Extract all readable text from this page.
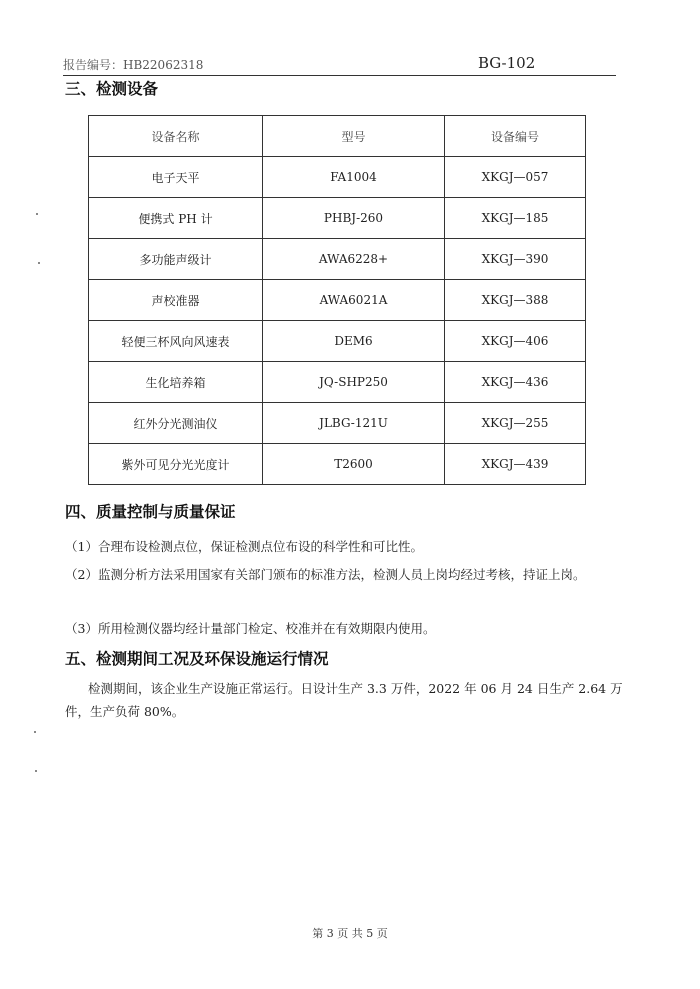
报告编号：HB22062318	BG-102
三、检测设备
设备名称	型号	设备编号
电子天平	FA1004	XKGJ—057
便携式 PH 计	PHBJ-260	XKGJ—185
多功能声级计	AWA6228+	XKGJ—390
声校准器	AWA6021A	XKGJ—388
轻便三杯风向风速表	DEM6	XKGJ—406
生化培养箱	JQ-SHP250	XKGJ—436
红外分光测油仪	JLBG-121U	XKGJ—255
紫外可见分光光度计	T2600	XKGJ—439
四、质量控制与质量保证
（1）合理布设检测点位，保证检测点位布设的科学性和可比性。
（2）监测分析方法采用国家有关部门颁布的标准方法，检测人员上岗均经过考核，持证上岗。
（3）所用检测仪器均经计量部门检定、校准并在有效期限内使用。
五、检测期间工况及环保设施运行情况
检测期间，该企业生产设施正常运行。日设计生产 3.3 万件，2022 年 06 月 24 日生产 2.64 万件，生产负荷 80%。
第 3 页 共 5 页
